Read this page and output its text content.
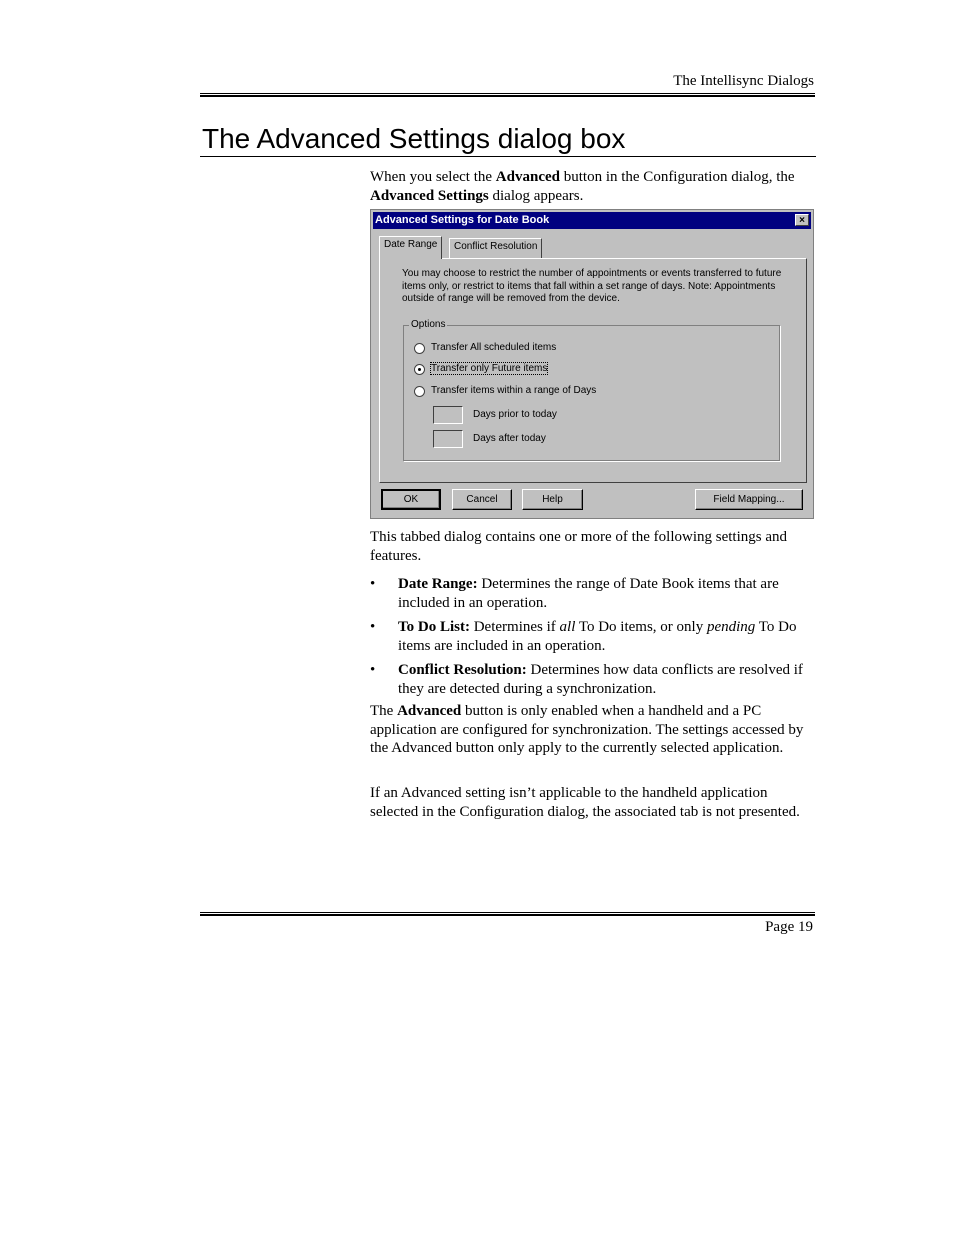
The Intellisync Dialogs
The Advanced Settings dialog box

When you select the Advanced button in the Configuration dialog, the Advanced Settings dialog appears.

Advanced Settings for Date Book	×
Date Range	Conflict Resolution
You may choose to restrict the number of appointments or events transferred to future items only, or restrict to items that fall within a set range of days. Note: Appointments outside of range will be removed from the device.
Options
Transfer All scheduled items
Transfer only Future items
Transfer items within a range of Days
Days prior to today
Days after today
OK	Cancel	Help	Field Mapping...

This tabbed dialog contains one or more of the following settings and features.

• Date Range: Determines the range of Date Book items that are included in an operation.
• To Do List: Determines if all To Do items, or only pending To Do items are included in an operation.
• Conflict Resolution: Determines how data conflicts are resolved if they are detected during a synchronization.

The Advanced button is only enabled when a handheld and a PC application are configured for synchronization. The settings accessed by the Advanced button only apply to the currently selected application.

If an Advanced setting isn’t applicable to the handheld application selected in the Configuration dialog, the associated tab is not presented.

Page 19
